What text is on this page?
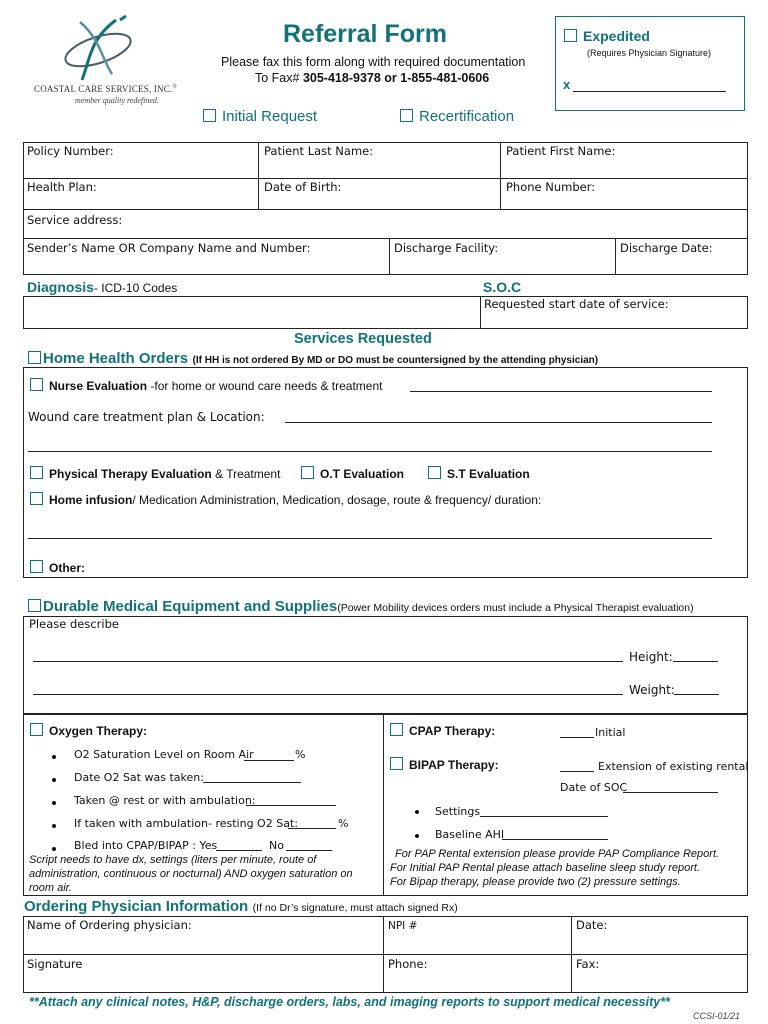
COASTAL CARE SERVICES, INC.®
member quality redefined.
Referral Form
Please fax this form along with required documentation
To Fax# 305-418-9378 or 1-855-481-0606
Expedited
(Requires Physician Signature)
x
Initial Request	Recertification
Policy Number:	Patient Last Name:	Patient First Name:
Health Plan:	Date of Birth:	Phone Number:
Service address:
Sender’s Name OR Company Name and Number:	Discharge Facility:	Discharge Date:
Diagnosis- ICD-10 Codes	S.O.C
Requested start date of service:
Services Requested
Home Health Orders (If HH is not ordered By MD or DO must be countersigned by the attending physician)
Nurse Evaluation -for home or wound care needs & treatment
Wound care treatment plan & Location:
Physical Therapy Evaluation & Treatment	O.T Evaluation	S.T Evaluation
Home infusion/ Medication Administration, Medication, dosage, route & frequency/ duration:
Other:
Durable Medical Equipment and Supplies(Power Mobility devices orders must include a Physical Therapist evaluation)
Please describe
Height:
Weight:
Oxygen Therapy:
O2 Saturation Level on Room Air	%
Date O2 Sat was taken:
Taken @ rest or with ambulation:
If taken with ambulation- resting O2 Sat:	%
Bled into CPAP/BIPAP : Yes	No
Script needs to have dx, settings (liters per minute, route of administration, continuous or nocturnal) AND oxygen saturation on room air.
CPAP Therapy:	Initial
BIPAP Therapy:	Extension of existing rental
Date of SOC
Settings
Baseline AHI
For PAP Rental extension please provide PAP Compliance Report.
For Initial PAP Rental please attach baseline sleep study report.
For Bipap therapy, please provide two (2) pressure settings.
Ordering Physician Information (If no Dr’s signature, must attach signed Rx)
Name of Ordering physician:	NPI #	Date:
Signature	Phone:	Fax:
**Attach any clinical notes, H&P, discharge orders, labs, and imaging reports to support medical necessity**
CCSI-01/21
